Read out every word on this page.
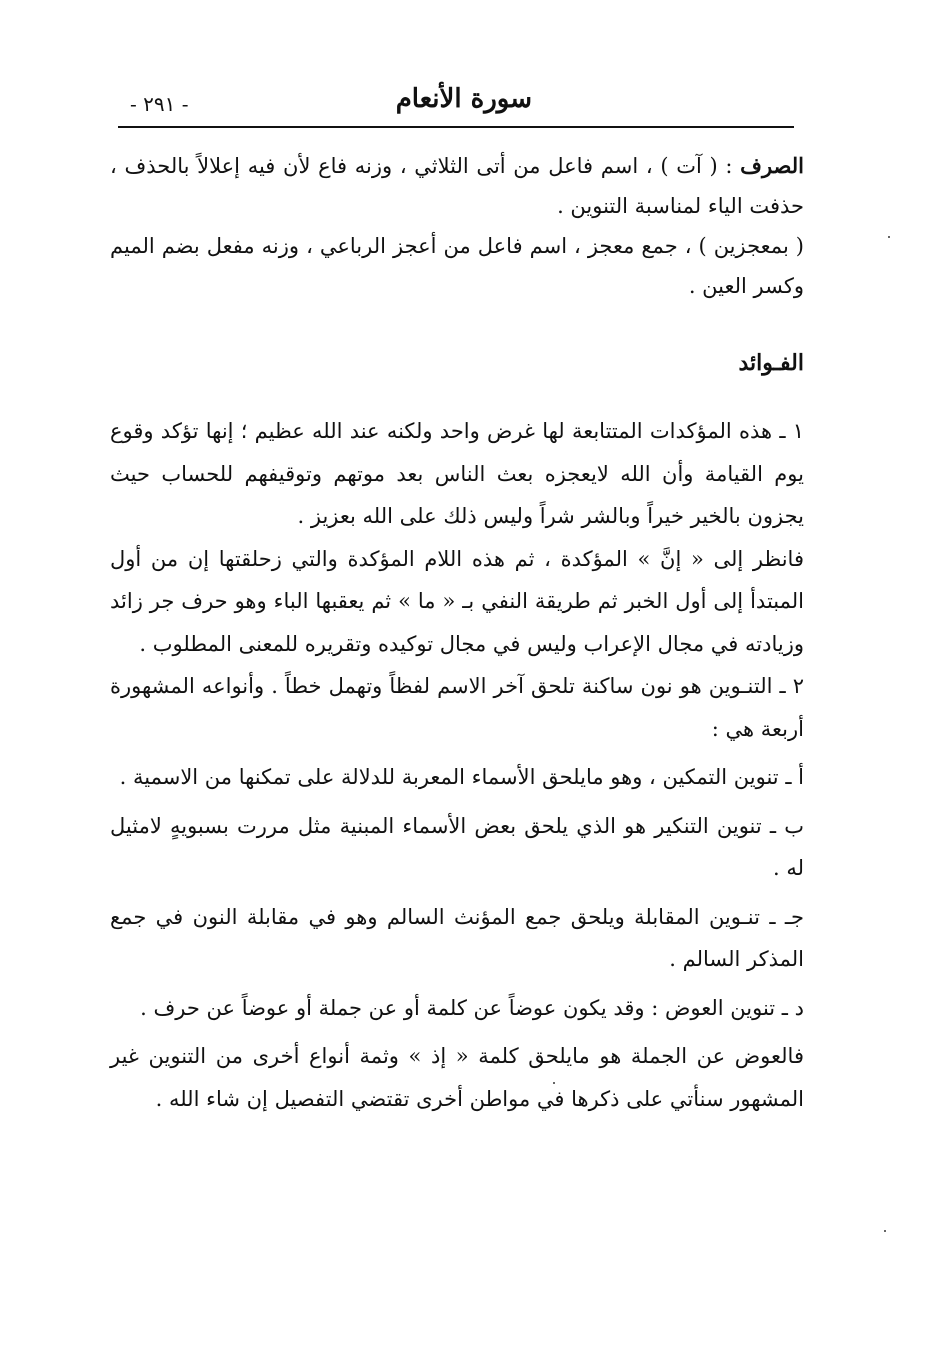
سورة الأنعام
- ٢٩١ -

الصرف : ( آت ) ، اسم فاعل من أتى الثلاثي ، وزنه فاع لأن فيه إعلالاً بالحذف ، حذفت الياء لمناسبة التنوين .

( بمعجزين ) ، جمع معجز ، اسم فاعل من أعجز الرباعي ، وزنه مفعل بضم الميم وكسر العين .

الفـوائد

١ ـ هذه المؤكدات المتتابعة لها غرض واحد ولكنه عند الله عظيم ؛ إنها تؤكد وقوع يوم القيامة وأن الله لايعجزه بعث الناس بعد موتهم وتوقيفهم للحساب حيث يجزون بالخير خيراً وبالشر شراً وليس ذلك على الله بعزيز .

فانظر إلى « إنَّ » المؤكدة ، ثم هذه اللام المؤكدة والتي زحلقتها إن من أول المبتدأ إلى أول الخبر ثم طريقة النفي بـ « ما » ثم يعقبها الباء وهو حرف جر زائد وزيادته في مجال الإعراب وليس في مجال توكيده وتقريره للمعنى المطلوب .

٢ ـ التنـوين هو نون ساكنة تلحق آخر الاسم لفظاً وتهمل خطاً . وأنواعه المشهورة أربعة هي :

أ ـ تنوين التمكين ، وهو مايلحق الأسماء المعربة للدلالة على تمكنها من الاسمية .

ب ـ تنوين التنكير هو الذي يلحق بعض الأسماء المبنية مثل مررت بسبويهٍ لامثيل له .

جـ ـ تنـوين المقابلة ويلحق جمع المؤنث السالم وهو في مقابلة النون في جمع المذكر السالم .

د ـ تنوين العوض : وقد يكون عوضاً عن كلمة أو عن جملة أو عوضاً عن حرف .

فالعوض عن الجملة هو مايلحق كلمة « إذ » وثمة أنواع أخرى من التنوين غير المشهور سنأتي على ذكرها في مواطن أخرى تقتضي التفصيل إن شاء الله .
